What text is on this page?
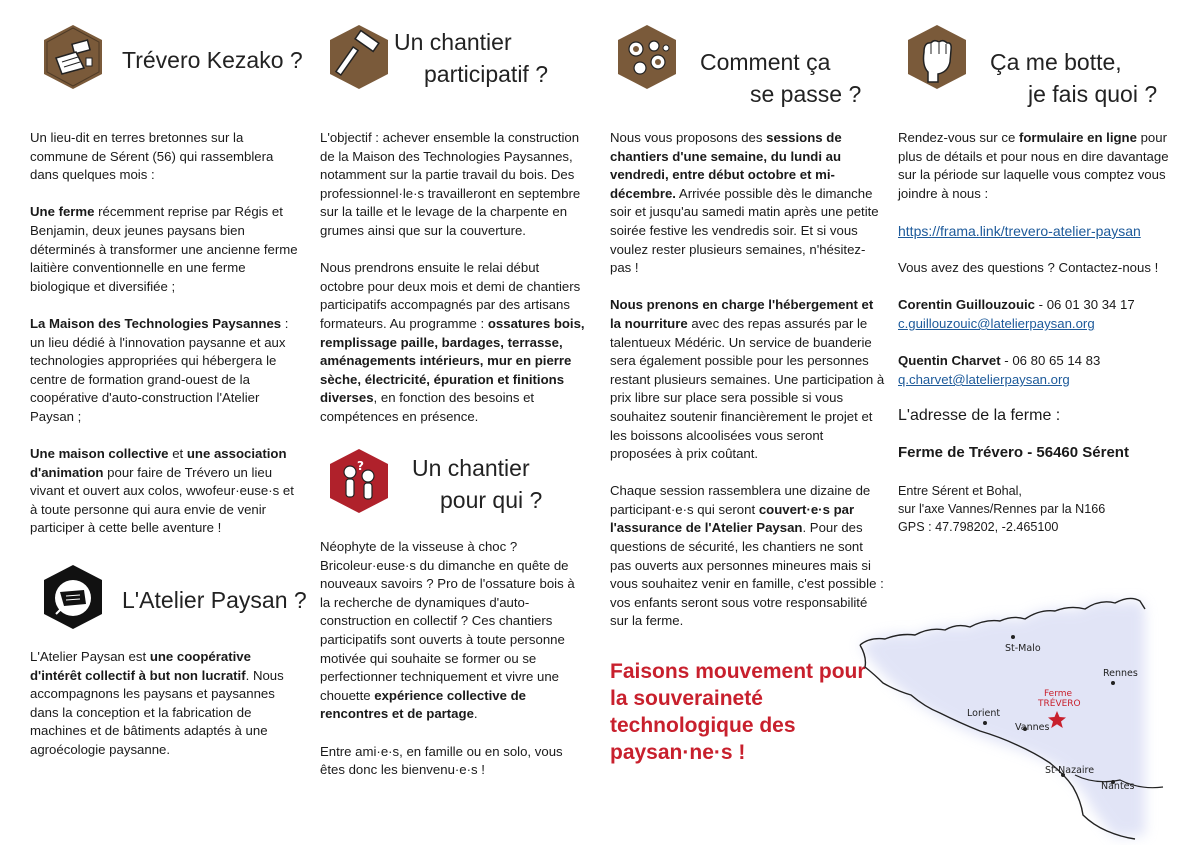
Trévero Kezako ?

Un lieu-dit en terres bretonnes sur la commune de Sérent (56) qui rassemblera dans quelques mois :

Une ferme récemment reprise par Régis et Benjamin, deux jeunes paysans bien déterminés à transformer une ancienne ferme laitière conventionnelle en une ferme biologique et diversifiée ;

La Maison des Technologies Paysannes : un lieu dédié à l'innovation paysanne et aux technologies appropriées qui hébergera le centre de formation grand-ouest de la coopérative d'auto-construction l'Atelier Paysan ;

Une maison collective et une association d'animation pour faire de Trévero un lieu vivant et ouvert aux colos, wwofeur·euse·s et à toute personne qui aura envie de venir participer à cette belle aventure !

L'Atelier Paysan ?

L'Atelier Paysan est une coopérative d'intérêt collectif à but non lucratif. Nous accompagnons les paysans et paysannes dans la conception et la fabrication de machines et de bâtiments adaptés à une agroécologie paysanne.

Un chantier
participatif ?

L'objectif : achever ensemble la construction de la Maison des Technologies Paysannes, notamment sur la partie travail du bois. Des professionnel·le·s travailleront en septembre sur la taille et le levage de la charpente en grumes ainsi que sur la couverture.

Nous prendrons ensuite le relai début octobre pour deux mois et demi de chantiers participatifs accompagnés par des artisans formateurs. Au programme : ossatures bois, remplissage paille, bardages, terrasse, aménagements intérieurs, mur en pierre sèche, électricité, épuration et finitions diverses, en fonction des besoins et compétences en présence.

? Un chantier
pour qui ?

Néophyte de la visseuse à choc ? Bricoleur·euse·s du dimanche en quête de nouveaux savoirs ? Pro de l'ossature bois à la recherche de dynamiques d'auto-construction en collectif ? Ces chantiers participatifs sont ouverts à toute personne motivée qui souhaite se former ou se perfectionner techniquement et vivre une chouette expérience collective de rencontres et de partage.

Entre ami·e·s, en famille ou en solo, vous êtes donc les bienvenu·e·s !

Comment ça
se passe ?

Nous vous proposons des sessions de chantiers d'une semaine, du lundi au vendredi, entre début octobre et mi-décembre. Arrivée possible dès le dimanche soir et jusqu'au samedi matin après une petite soirée festive les vendredis soir. Et si vous voulez rester plusieurs semaines, n'hésitez-pas !

Nous prenons en charge l'hébergement et la nourriture avec des repas assurés par le talentueux Médéric. Un service de buanderie sera également possible pour les personnes restant plusieurs semaines. Une participation à prix libre sur place sera possible si vous souhaitez soutenir financièrement le projet et les boissons alcoolisées vous seront proposées à prix coûtant.

Chaque session rassemblera une dizaine de participant·e·s qui seront couvert·e·s par l'assurance de l'Atelier Paysan. Pour des questions de sécurité, les chantiers ne sont pas ouverts aux personnes mineures mais si vous souhaitez venir en famille, c'est possible : vos enfants seront sous votre responsabilité sur la ferme.

Faisons mouvement pour la souveraineté technologique des paysan·ne·s !
Ça me botte,
je fais quoi ?

Rendez-vous sur ce formulaire en ligne pour plus de détails et pour nous en dire davantage sur la période sur laquelle vous comptez vous joindre à nous :

https://frama.link/trevero-atelier-paysan

Vous avez des questions ? Contactez-nous !

Corentin Guillouzouic - 06 01 30 34 17
c.guillouzouic@latelierpaysan.org
Quentin Charvet - 06 80 65 14 83
q.charvet@latelierpaysan.org
L'adresse de la ferme :
Ferme de Trévero - 56460 Sérent
Entre Sérent et Bohal,
sur l'axe Vannes/Rennes par la N166
GPS : 47.798202, -2.465100
St-Malo
Rennes
Lorient
Vannes
St-Nazaire
Nantes
Ferme
TRÉVERO
